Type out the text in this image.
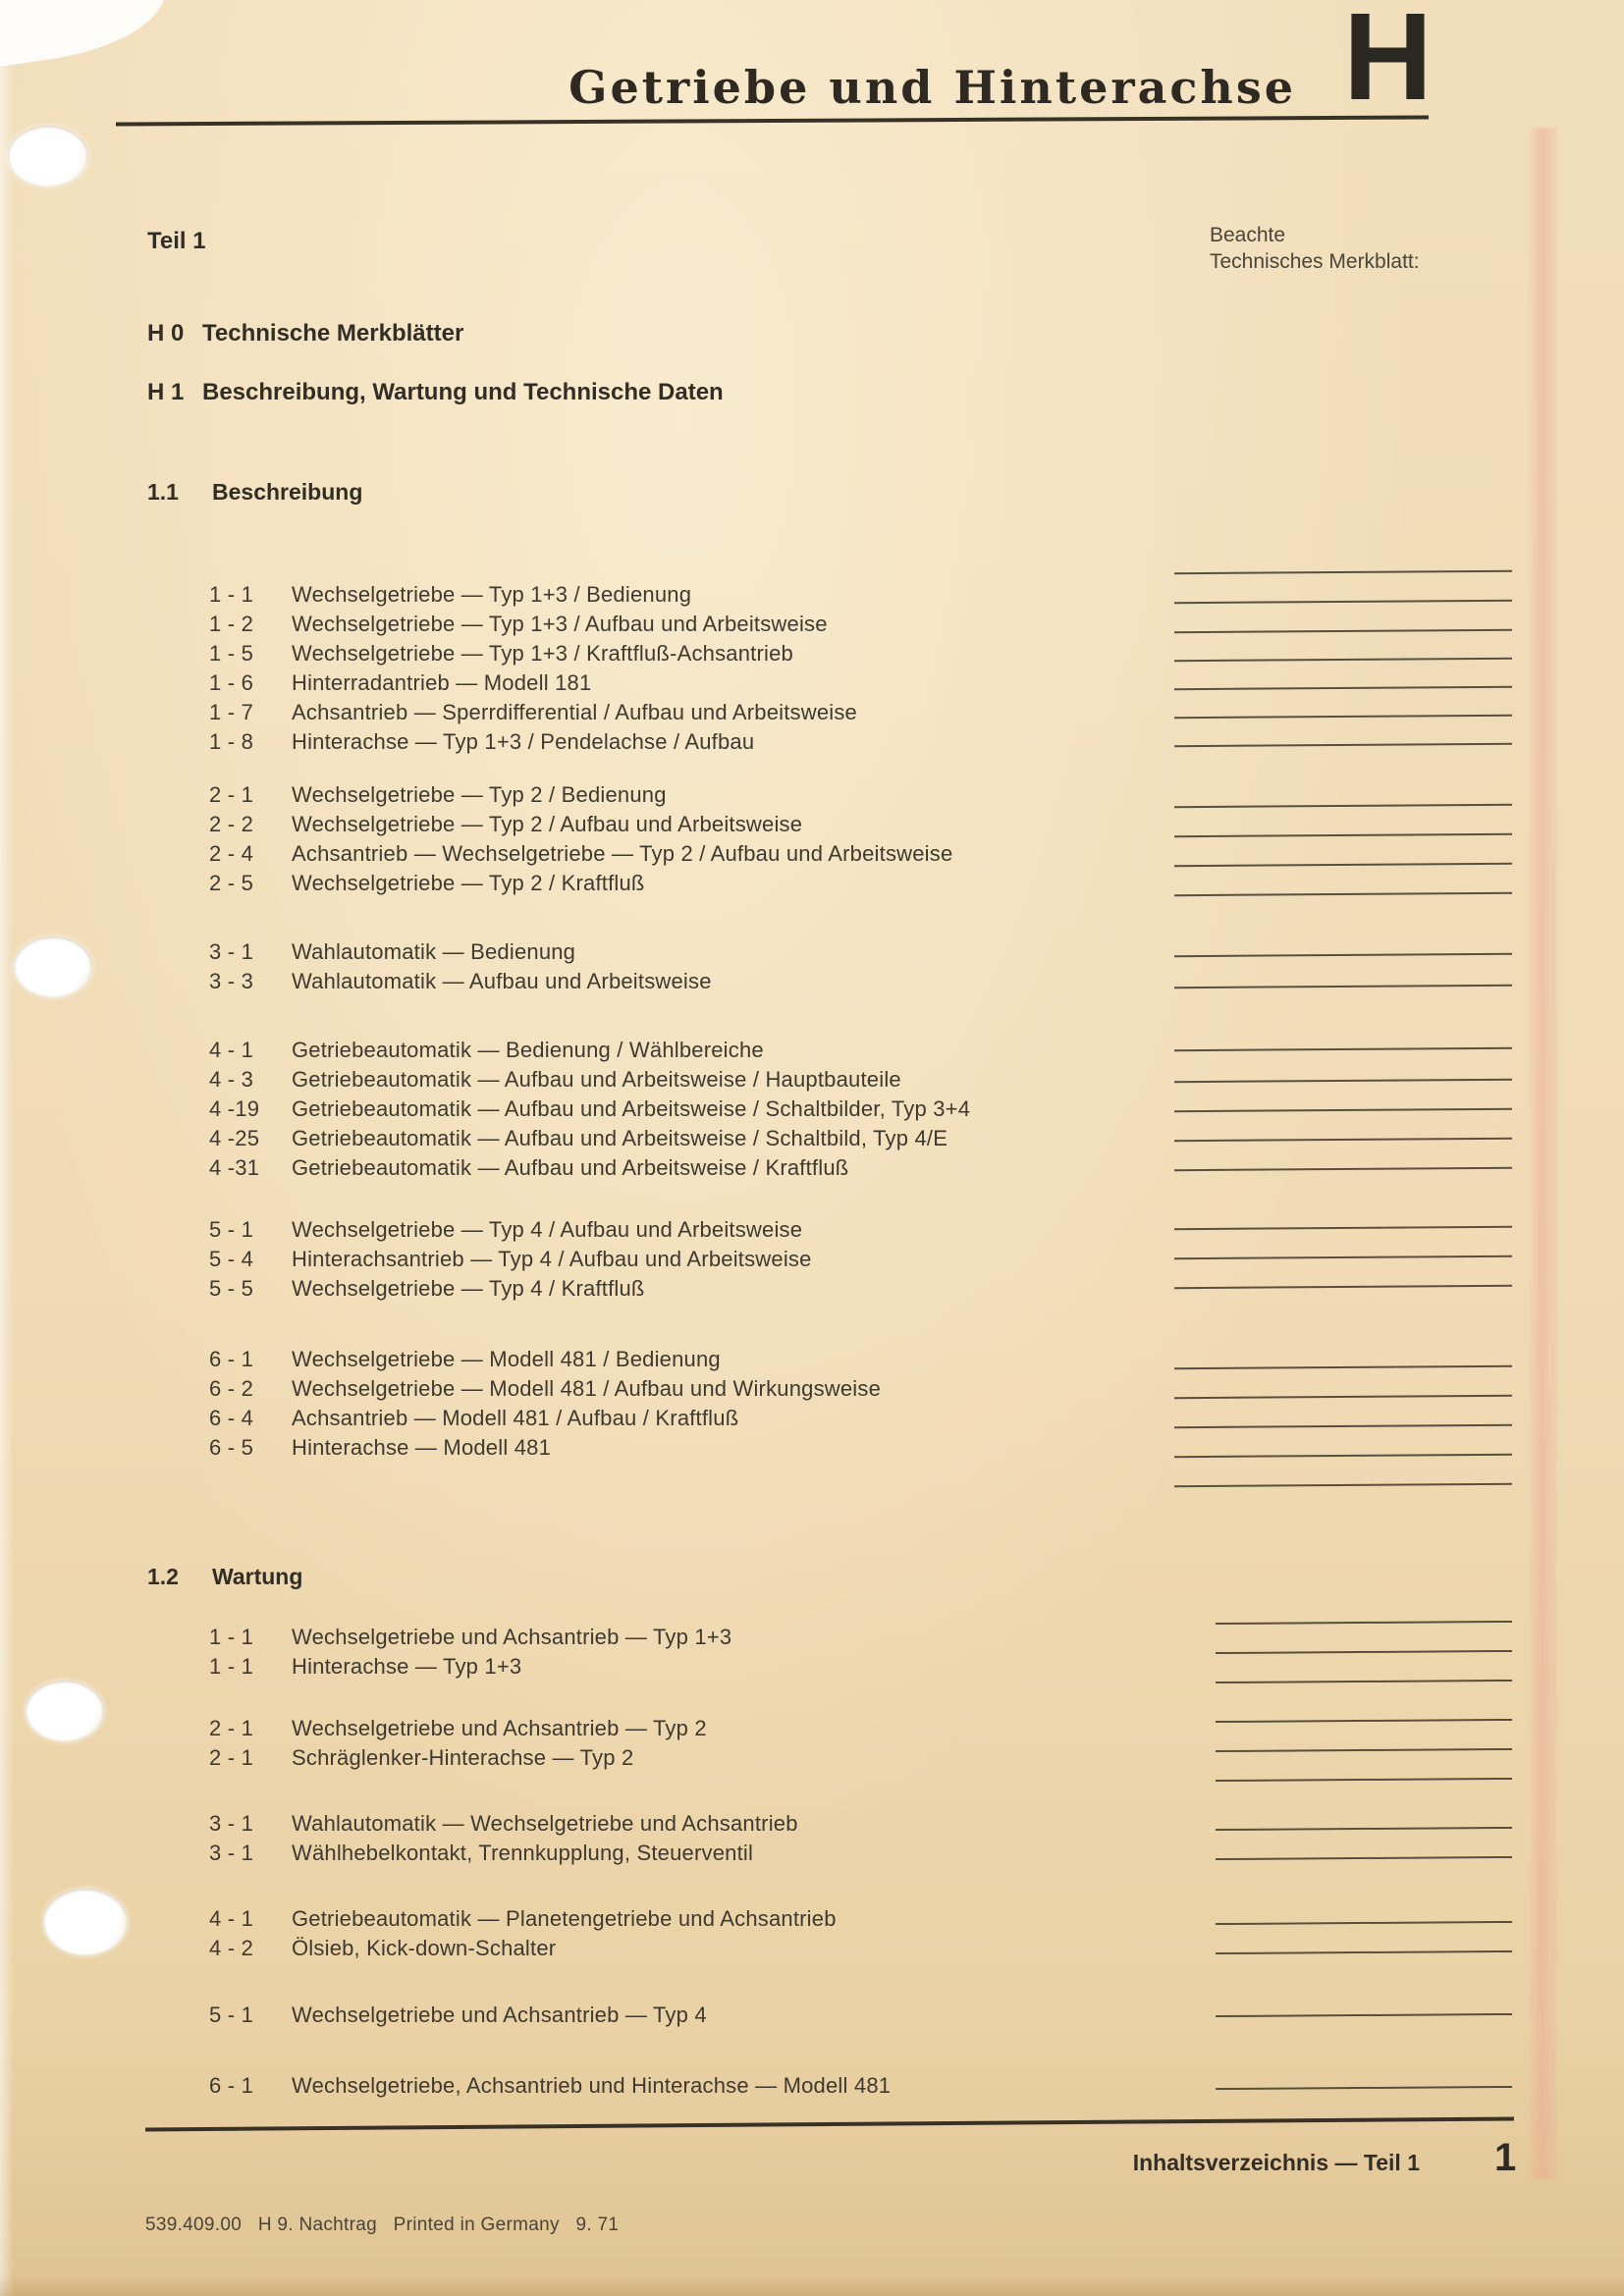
Getriebe und Hinterachse H
Teil 1	Beachte
Technisches Merkblatt:
H 0 Technische Merkblätter
H 1 Beschreibung, Wartung und Technische Daten
1.1 Beschreibung
1 - 1 Wechselgetriebe — Typ 1+3 / Bedienung
1 - 2 Wechselgetriebe — Typ 1+3 / Aufbau und Arbeitsweise
1 - 5 Wechselgetriebe — Typ 1+3 / Kraftfluß-Achsantrieb
1 - 6 Hinterradantrieb — Modell 181
1 - 7 Achsantrieb — Sperrdifferential / Aufbau und Arbeitsweise
1 - 8 Hinterachse — Typ 1+3 / Pendelachse / Aufbau
2 - 1 Wechselgetriebe — Typ 2 / Bedienung
2 - 2 Wechselgetriebe — Typ 2 / Aufbau und Arbeitsweise
2 - 4 Achsantrieb — Wechselgetriebe — Typ 2 / Aufbau und Arbeitsweise
2 - 5 Wechselgetriebe — Typ 2 / Kraftfluß
3 - 1 Wahlautomatik — Bedienung
3 - 3 Wahlautomatik — Aufbau und Arbeitsweise
4 - 1 Getriebeautomatik — Bedienung / Wählbereiche
4 - 3 Getriebeautomatik — Aufbau und Arbeitsweise / Hauptbauteile
4 -19 Getriebeautomatik — Aufbau und Arbeitsweise / Schaltbilder, Typ 3+4
4 -25 Getriebeautomatik — Aufbau und Arbeitsweise / Schaltbild, Typ 4/E
4 -31 Getriebeautomatik — Aufbau und Arbeitsweise / Kraftfluß
5 - 1 Wechselgetriebe — Typ 4 / Aufbau und Arbeitsweise
5 - 4 Hinterachsantrieb — Typ 4 / Aufbau und Arbeitsweise
5 - 5 Wechselgetriebe — Typ 4 / Kraftfluß
6 - 1 Wechselgetriebe — Modell 481 / Bedienung
6 - 2 Wechselgetriebe — Modell 481 / Aufbau und Wirkungsweise
6 - 4 Achsantrieb — Modell 481 / Aufbau / Kraftfluß
6 - 5 Hinterachse — Modell 481
1.2 Wartung
1 - 1 Wechselgetriebe und Achsantrieb — Typ 1+3
1 - 1 Hinterachse — Typ 1+3
2 - 1 Wechselgetriebe und Achsantrieb — Typ 2
2 - 1 Schräglenker-Hinterachse — Typ 2
3 - 1 Wahlautomatik — Wechselgetriebe und Achsantrieb
3 - 1 Wählhebelkontakt, Trennkupplung, Steuerventil
4 - 1 Getriebeautomatik — Planetengetriebe und Achsantrieb
4 - 2 Ölsieb, Kick-down-Schalter
5 - 1 Wechselgetriebe und Achsantrieb — Typ 4
6 - 1 Wechselgetriebe, Achsantrieb und Hinterachse — Modell 481
Inhaltsverzeichnis — Teil 1 1
539.409.00   H 9. Nachtrag   Printed in Germany   9. 71
